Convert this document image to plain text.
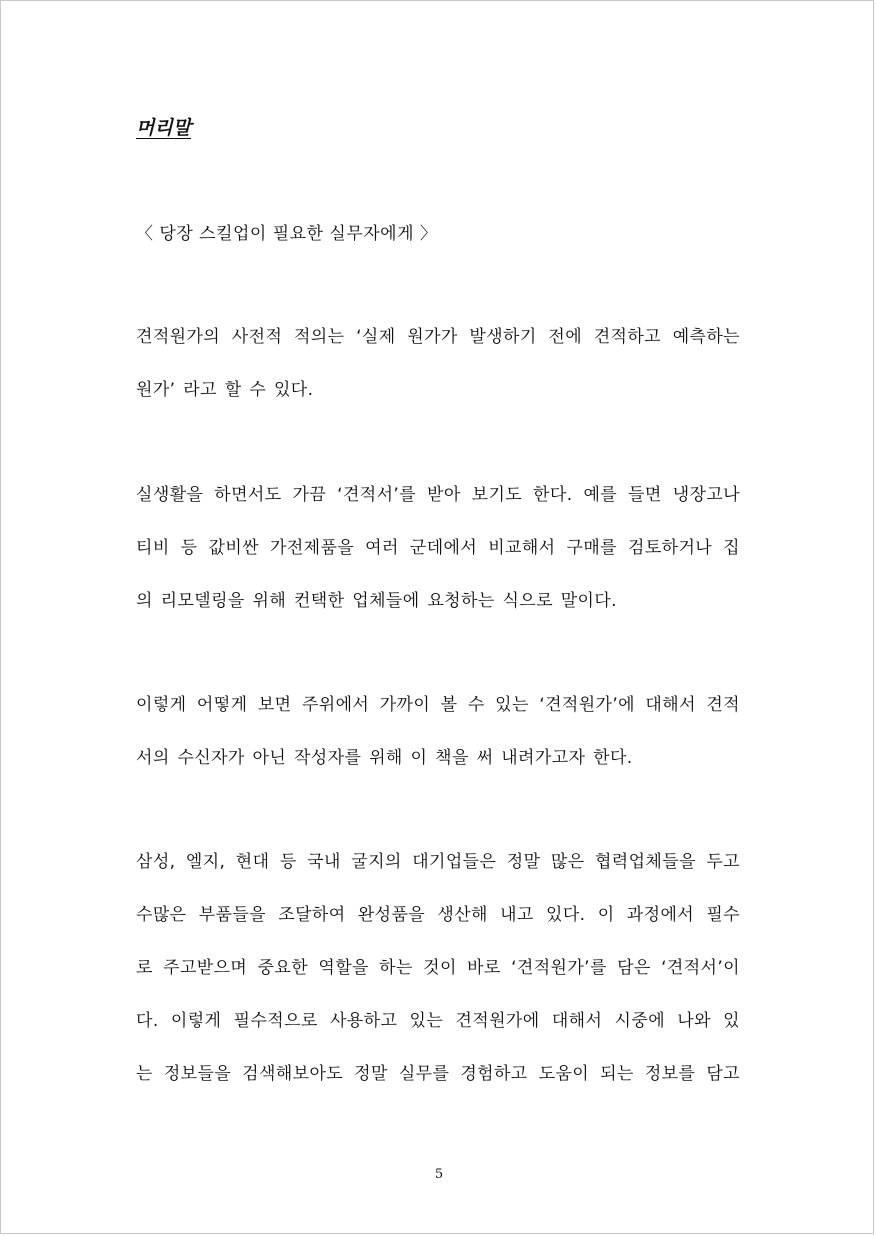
머리말

〈 당장 스킬업이 필요한 실무자에게 〉

견적원가의 사전적 적의는 ‘실제 원가가 발생하기 전에 견적하고 예측하는
원가’ 라고 할 수 있다.

실생활을 하면서도 가끔 ‘견적서’를 받아 보기도 한다. 예를 들면 냉장고나
티비 등 값비싼 가전제품을 여러 군데에서 비교해서 구매를 검토하거나 집
의 리모델링을 위해 컨택한 업체들에 요청하는 식으로 말이다.

이렇게 어떻게 보면 주위에서 가까이 볼 수 있는 ‘견적원가’에 대해서 견적
서의 수신자가 아닌 작성자를 위해 이 책을 써 내려가고자 한다.

삼성, 엘지, 현대 등 국내 굴지의 대기업들은 정말 많은 협력업체들을 두고
수많은 부품들을 조달하여 완성품을 생산해 내고 있다. 이 과정에서 필수
로 주고받으며 중요한 역할을 하는 것이 바로 ‘견적원가’를 담은 ‘견적서’이
다. 이렇게 필수적으로 사용하고 있는 견적원가에 대해서 시중에 나와 있
는 정보들을 검색해보아도 정말 실무를 경험하고 도움이 되는 정보를 담고

5
